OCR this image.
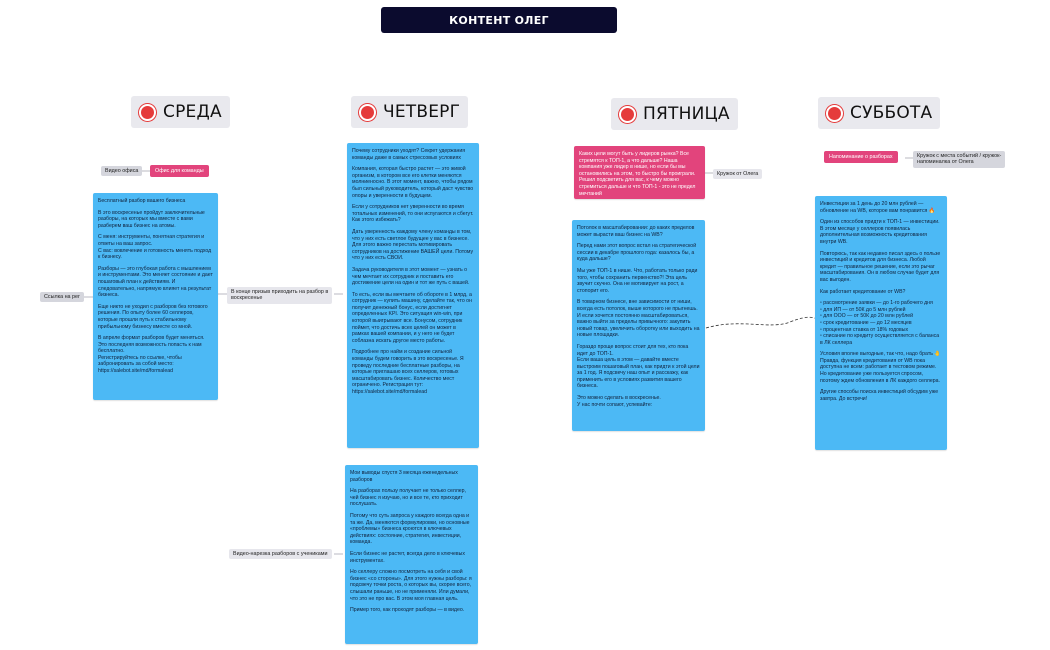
КОНТЕНТ ОЛЕГ
СРЕДА	ЧЕТВЕРГ	ПЯТНИЦА	СУББОТА
Видео офиса	Офис для команды
Ссылка на рег
В конце призыв приходить на разбор в
воскресенье
Видео-нарезка разборов с учениками
Кружок от Олега
Напоминание о разборах	Кружок с места событий / кружок-
напоминалка от Олега

Бесплатный разбор вашего бизнеса

В это воскресенье пройдут заключительные разборы, на которых мы вместе с вами разберем ваш бизнес на атомы.

С меня: инструменты, понятная стратегия и ответы на ваш запрос.
С вас: вовлечение и готовность менять подход к бизнесу.

Разборы — это глубокая работа с мышлением и инструментами. Это меняет состояние и дает пошаговый план к действиям. И следовательно, напрямую влияет на результат бизнеса.

Еще никто не уходил с разборов без готового решения. По опыту более 60 селлеров, которые прошли путь к стабильному прибыльному бизнесу вместе со мной.

В апреле формат разборов будет меняться. Это последняя возможность попасть к нам бесплатно.
Регистрируйтесь по ссылке, чтобы забронировать за собой место:
https://salebot.site/md/formalead

Почему сотрудники уходят? Секрет удержания команды даже в самых стрессовых условиях

Компания, которая быстро растет — это живой организм, в котором все его клетки меняются молниеносно. В этот момент, важно, чтобы рядом был сильный руководитель, который даст чувство опоры и уверенности в будущем.

Если у сотрудников нет уверенности во время тотальных изменений, то они испугаются и сбегут. Как этого избежать?

Дать уверенность каждому члену команды в том, что у них есть светлое будущее у вас в бизнесе. Для этого важно перестать мотивировать сотрудников на достижение ВАШЕЙ цели. Потому что у них есть СВОИ.

Задача руководителя в этот момент — узнать о чем мечтает их сотрудник и поставить его достижение цели на один и тот же путь с вашей.

То есть, если вы мечтаете об обороте в 1 млрд, а сотрудник — купить машину, сделайте так, что он получит денежный бонус, если достигнет определенных KPI. Это ситуация win-win, при которой выигрывают все. Бонусом, сотрудник поймет, что достичь всех целей он может в рамках вашей компании, и у него не будет соблазна искать другое место работы.

Подробнее про найм и создание сильной команды будем говорить в это воскресенье. Я проведу последние бесплатные разборы, на которые приглашаю всех селлеров, готовых масштабировать бизнес. Количество мест ограничено. Регистрация тут: https://salebot.site/md/formalead

Мои выводы спустя 3 месяца еженедельных разборов

На разборах пользу получает не только селлер, чей бизнес я изучаю, но и все те, кто приходит послушать.

Потому что суть запроса у каждого всегда одна и та же. Да, меняются формулировки, но основные «проблемы» бизнеса кроются в ключевых действиях: состояние, стратегия, инвестиции, команда.

Если бизнес не растет, всегда дело в ключевых инструментах.

Но селлеру сложно посмотреть на себя и свой бизнес «со стороны». Для этого нужны разборы: я подсвечу точки роста, о которых вы, скорее всего, слышали раньше, но не применяли. Или думали, что это не про вас. В этом моя главная цель.

Пример того, как проходят разборы — в видео.

Каких цели могут быть у лидеров рынка? Все стремятся к ТОП-1, а что дальше? Наша компания уже лидер в нише, но если бы мы остановились на этом, то быстро бы проиграли. Решил подсветить для вас, к чему можно стремиться дальше и что ТОП-1 - это не предел мечтаний

Потолок в масштабировании: до каких пределов может вырасти ваш бизнес на WB?

Перед нами этот вопрос встал на стратегической сессии в декабре прошлого года: казалось бы, а куда дальше?

Мы уже ТОП-1 в нише. Что, работать только ради того, чтобы сохранить первенство?! Эта цель звучит скучно. Она не мотивирует на рост, а стопорит его.

В товарном бизнесе, вне зависимости от ниши, всегда есть потолок, выше которого не прыгнешь. И если хочется постоянно масштабироваться, важно выйти за пределы привычного: закупить новый товар, увеличить оборотку или выходить на новые площадки.

Гораздо проще вопрос стоит для тех, кто пока идет до ТОП-1.
Если ваша цель в этом — давайте вместе выстроим пошаговый план, как придти к этой цели за 1 год. Я подсвечу наш опыт и расскажу, как применить его в условиях развития вашего бизнеса.

Это можно сделать в воскресенье.
У нас почти сопают, успевайте:

Инвестиции за 1 день до 20 млн рублей — обновление на WB, которое вам понравится 🔥

Один из способов придти к ТОП-1 — инвестиции. В этом месяце у селлеров появилась дополнительная возможность кредитования внутри WB.

Повторюсь, так как недавно писал здесь о пользе инвестиций и кредитов для бизнеса. Любой кредит — правильное решение, если это рычаг масштабирования. Он в любом случае будет для вас выгоден.

Как работает кредитование от WB?

▫ рассмотрение заявки — до 1-го рабочего дня
▫ для ИП — от 50К до 5 млн рублей
▫ для ООО — от 50К до 20 млн рублей
▫ срок кредитование — до 12 месяцев
▫ процентная ставка от 18% годовых
▫ списание по кредиту осуществляется с баланса в ЛК селлера

Условия вполне выгодные, так что, надо брать 🤚 Правда, функция кредитования от WB пока доступна не всем: работает в тестовом режиме. Но кредитование уже пользуется спросом, поэтому ждем обновления в ЛК каждого селлера.

Другие способы поиска инвестиций обсудим уже завтра. До встречи!
